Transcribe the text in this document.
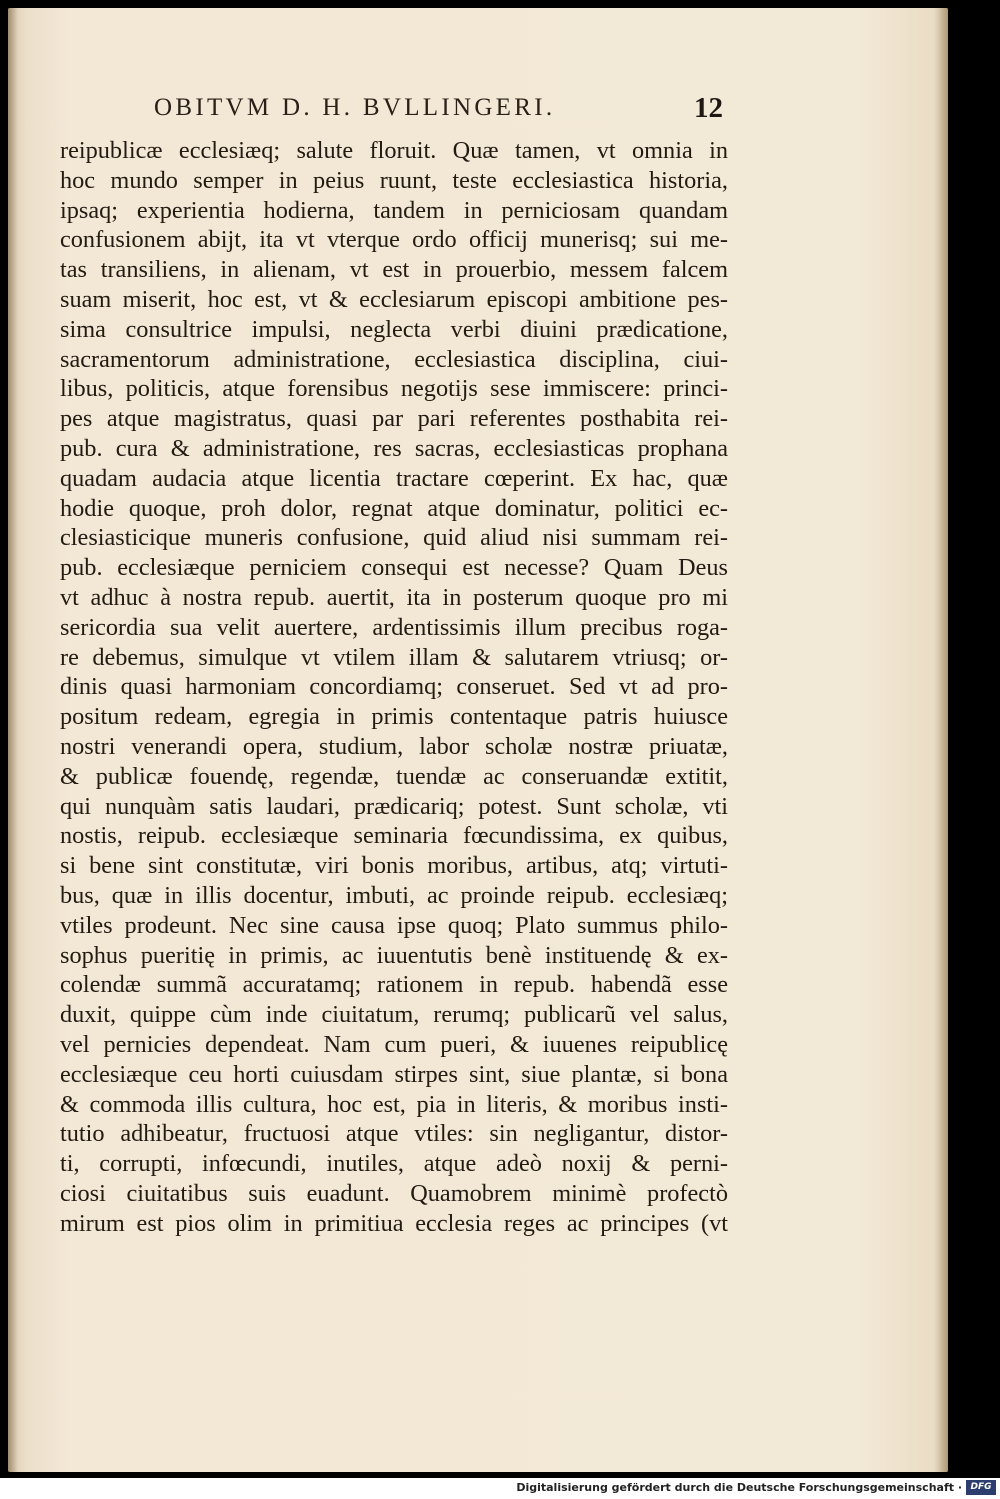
OBITVM D. H. BVLLINGERI.	12
reipublicæ ecclesiæq; salute floruit. Quæ tamen, vt omnia in
hoc mundo semper in peius ruunt, teste ecclesiastica historia,
ipsaq; experientia hodierna, tandem in perniciosam quandam
confusionem abijt, ita vt vterque ordo officij munerisq; sui me-
tas transiliens, in alienam, vt est in prouerbio, messem falcem
suam miserit, hoc est, vt & ecclesiarum episcopi ambitione pes-
sima consultrice impulsi, neglecta verbi diuini prædicatione,
sacramentorum administratione, ecclesiastica disciplina, ciui-
libus, politicis, atque forensibus negotijs sese immiscere: princi-
pes atque magistratus, quasi par pari referentes posthabita rei-
pub. cura & administratione, res sacras, ecclesiasticas prophana
quadam audacia atque licentia tractare cœperint. Ex hac, quæ
hodie quoque, proh dolor, regnat atque dominatur, politici ec-
clesiasticique muneris confusione, quid aliud nisi summam rei-
pub. ecclesiæque perniciem consequi est necesse? Quam Deus
vt adhuc à nostra repub. auertit, ita in posterum quoque pro mi
sericordia sua velit auertere, ardentissimis illum precibus roga-
re debemus, simulque vt vtilem illam & salutarem vtriusq; or-
dinis quasi harmoniam concordiamq; conseruet. Sed vt ad pro-
positum redeam, egregia in primis contentaque patris huiusce
nostri venerandi opera, studium, labor scholæ nostræ priuatæ,
& publicæ fouendę, regendæ, tuendæ ac conseruandæ extitit,
qui nunquàm satis laudari, prædicariq; potest. Sunt scholæ, vti
nostis, reipub. ecclesiæque seminaria fœcundissima, ex quibus,
si bene sint constitutæ, viri bonis moribus, artibus, atq; virtuti-
bus, quæ in illis docentur, imbuti, ac proinde reipub. ecclesiæq;
vtiles prodeunt. Nec sine causa ipse quoq; Plato summus philo-
sophus pueritię in primis, ac iuuentutis benè instituendę & ex-
colendæ summã accuratamq; rationem in repub. habendã esse
duxit, quippe cùm inde ciuitatum, rerumq; publicarũ vel salus,
vel pernicies dependeat. Nam cum pueri, & iuuenes reipublicę
ecclesiæque ceu horti cuiusdam stirpes sint, siue plantæ, si bona
& commoda illis cultura, hoc est, pia in literis, & moribus insti-
tutio adhibeatur, fructuosi atque vtiles: sin negligantur, distor-
ti, corrupti, infœcundi, inutiles, atque adeò noxij & perni-
ciosi ciuitatibus suis euadunt. Quamobrem minimè profectò
mirum est pios olim in primitiua ecclesia reges ac principes (vt
Digitalisierung gefördert durch die Deutsche Forschungsgemeinschaft · DFG
